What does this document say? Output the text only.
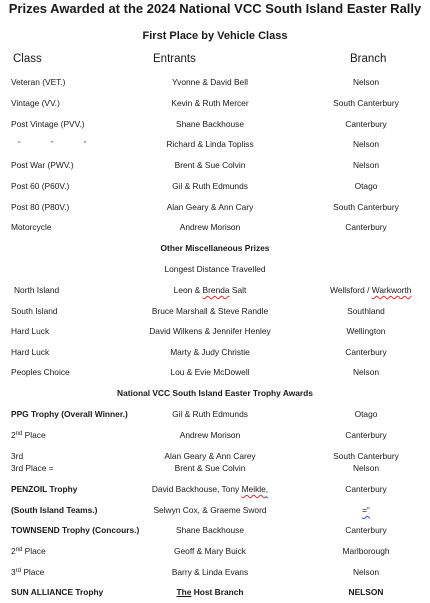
Prizes Awarded at the 2024 National VCC South Island Easter Rally
First Place by Vehicle Class
Class	Entrants	Branch
Veteran (VET.)	Yvonne & David Bell	Nelson
Vintage (VV.)	Kevin & Ruth Mercer	South Canterbury
Post Vintage (PVV.)	Shane Backhouse	Canterbury
“ ” ”	Richard & Linda Topliss	Nelson
Post War (PWV.)	Brent & Sue Colvin	Nelson
Post 60 (P60V.)	Gil & Ruth Edmunds	Otago
Post 80 (P80V.)	Alan Geary & Ann Cary	South Canterbury
Motorcycle	Andrew Morison	Canterbury
Other Miscellaneous Prizes
Longest Distance Travelled
North Island	Leon & Brenda Salt	Wellsford / Warkworth
South Island	Bruce Marshall & Steve Randle	Southland
Hard Luck	David Wilkens & Jennifer Henley	Wellington
Hard Luck	Marty & Judy Christie	Canterbury
Peoples Choice	Lou & Evie McDowell	Nelson
National VCC South Island Easter Trophy Awards
PPG Trophy (Overall Winner.)	Gil & Ruth Edmunds	Otago
2nd Place	Andrew Morison	Canterbury
3rd	Alan Geary & Ann Carey	South Canterbury
3rd Place =	Brent & Sue Colvin	Nelson
PENZOIL Trophy	David Backhouse, Tony Meikle,	Canterbury
(South Island Teams.)	Selwyn Cox, & Graeme Sword	=“
TOWNSEND Trophy (Concours.)	Shane Backhouse	Canterbury
2nd Place	Geoff & Mary Buick	Marlborough
3rd Place	Barry & Linda Evans	Nelson
SUN ALLIANCE Trophy	The Host Branch	NELSON
